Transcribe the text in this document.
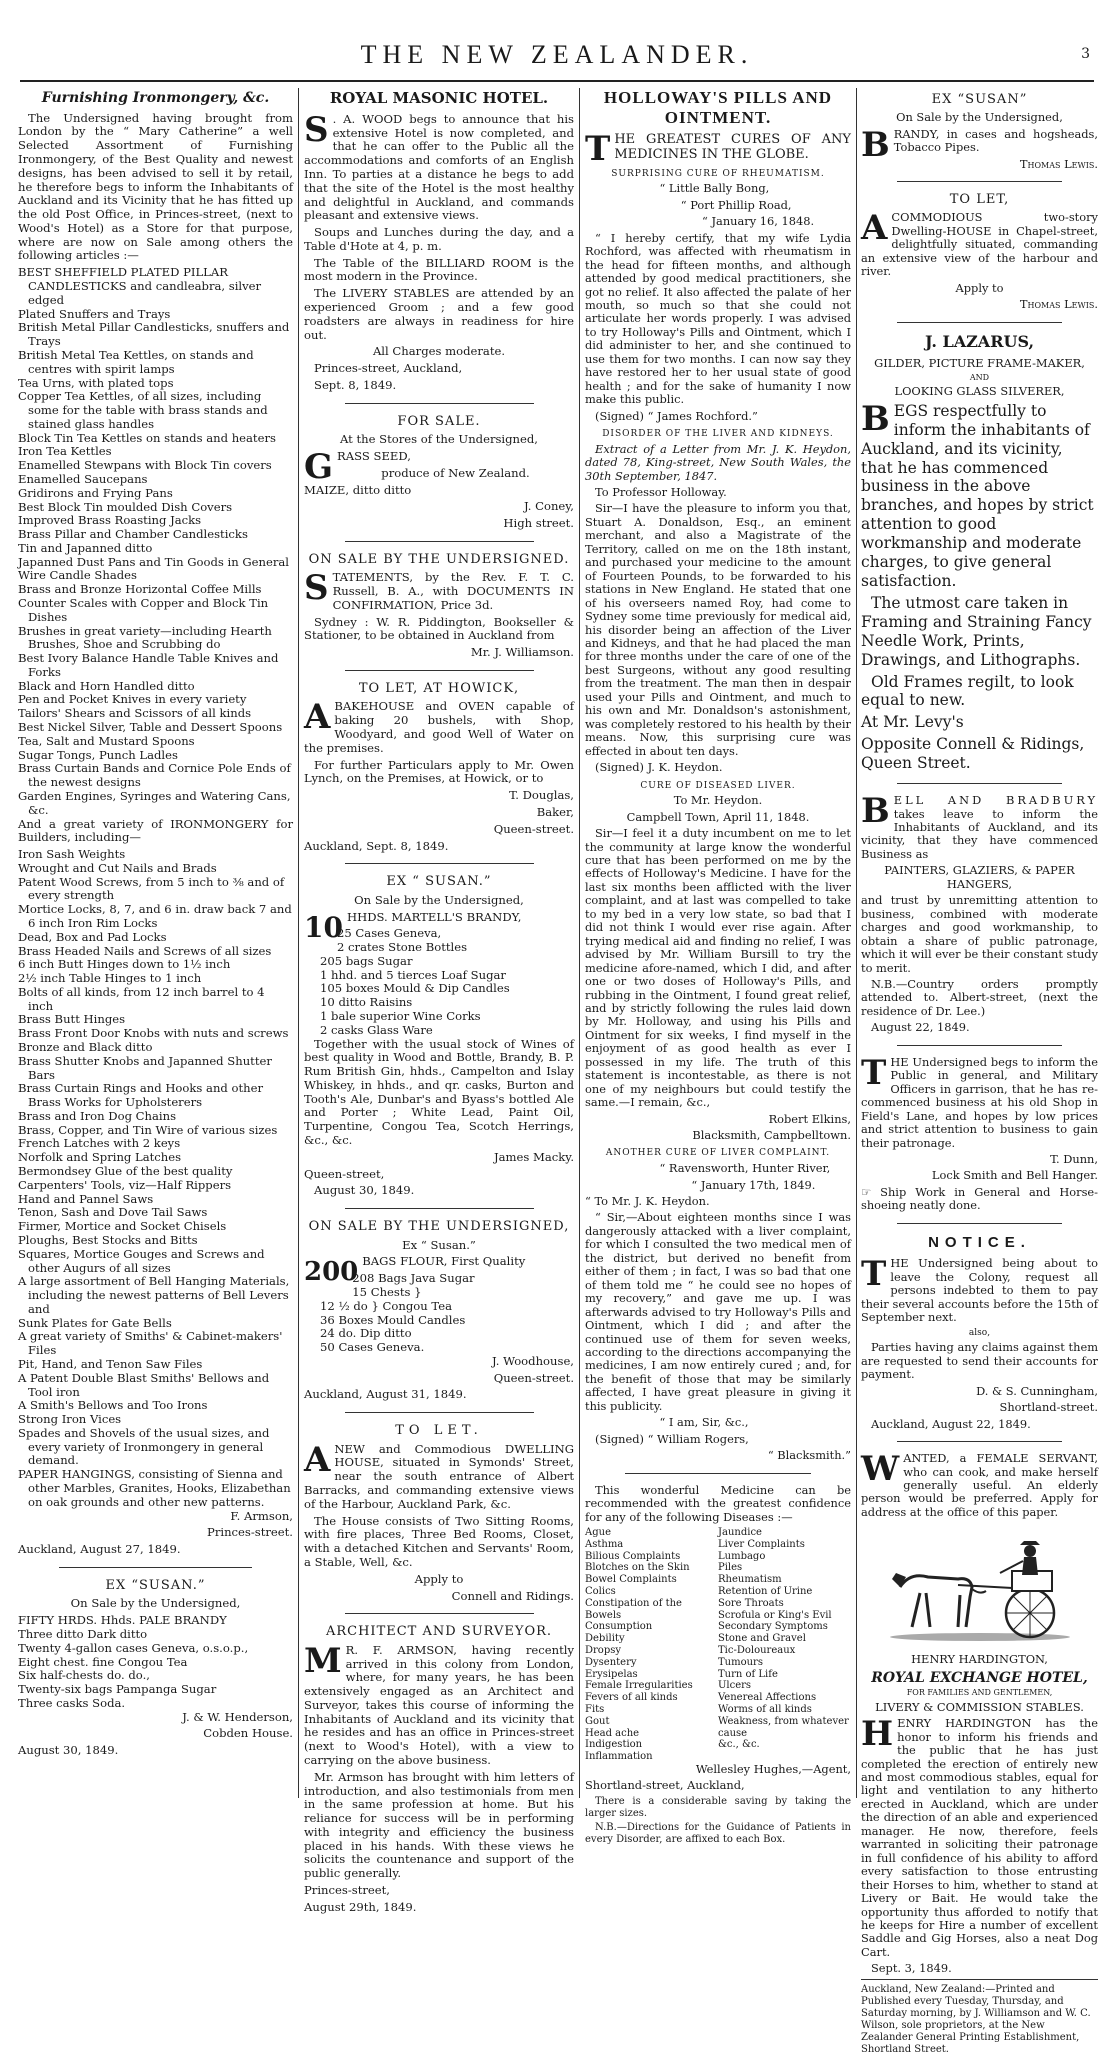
THE NEW ZEALANDER.	3
Furnishing Ironmongery, &c.

The Undersigned having brought from London by the “ Mary Catherine” a well Selected Assortment of Furnishing Ironmongery, of the Best Quality and newest designs, has been advised to sell it by retail, he therefore begs to inform the Inhabitants of Auckland and its Vicinity that he has fitted up the old Post Office, in Princes-street, (next to Wood's Hotel) as a Store for that purpose, where are now on Sale among others the following articles :—

BEST SHEFFIELD PLATED PILLAR CANDLESTICKS and candleabra, silver edged
Plated Snuffers and Trays
British Metal Pillar Candlesticks, snuffers and Trays
British Metal Tea Kettles, on stands and centres with spirit lamps
Tea Urns, with plated tops
Copper Tea Kettles, of all sizes, including some for the table with brass stands and stained glass handles
Block Tin Tea Kettles on stands and heaters
Iron Tea Kettles
Enamelled Stewpans with Block Tin covers
Enamelled Saucepans
Gridirons and Frying Pans
Best Block Tin moulded Dish Covers
Improved Brass Roasting Jacks
Brass Pillar and Chamber Candlesticks
Tin and Japanned ditto
Japanned Dust Pans and Tin Goods in General
Wire Candle Shades
Brass and Bronze Horizontal Coffee Mills
Counter Scales with Copper and Block Tin Dishes
Brushes in great variety—including Hearth Brushes, Shoe and Scrubbing do
Best Ivory Balance Handle Table Knives and Forks
Black and Horn Handled ditto
Pen and Pocket Knives in every variety
Tailors' Shears and Scissors of all kinds
Best Nickel Silver, Table and Dessert Spoons
Tea, Salt and Mustard Spoons
Sugar Tongs, Punch Ladles
Brass Curtain Bands and Cornice Pole Ends of the newest designs
Garden Engines, Syringes and Watering Cans, &c.

And a great variety of IRONMONGERY for Builders, including—

Iron Sash Weights
Wrought and Cut Nails and Brads
Patent Wood Screws, from 5 inch to ⅜ and of every strength
Mortice Locks, 8, 7, and 6 in. draw back 7 and 6 inch Iron Rim Locks
Dead, Box and Pad Locks
Brass Headed Nails and Screws of all sizes
6 inch Butt Hinges down to 1½ inch
2½ inch Table Hinges to 1 inch
Bolts of all kinds, from 12 inch barrel to 4 inch
Brass Butt Hinges
Brass Front Door Knobs with nuts and screws
Bronze and Black ditto
Brass Shutter Knobs and Japanned Shutter Bars
Brass Curtain Rings and Hooks and other Brass Works for Upholsterers
Brass and Iron Dog Chains
Brass, Copper, and Tin Wire of various sizes
French Latches with 2 keys
Norfolk and Spring Latches
Bermondsey Glue of the best quality
Carpenters' Tools, viz—Half Rippers
Hand and Pannel Saws
Tenon, Sash and Dove Tail Saws
Firmer, Mortice and Socket Chisels
Ploughs, Best Stocks and Bitts
Squares, Mortice Gouges and Screws and other Augurs of all sizes
A large assortment of Bell Hanging Materials, including the newest patterns of Bell Levers and
Sunk Plates for Gate Bells
A great variety of Smiths' & Cabinet-makers' Files
Pit, Hand, and Tenon Saw Files
A Patent Double Blast Smiths' Bellows and Tool iron
A Smith's Bellows and Too Irons
Strong Iron Vices
Spades and Shovels of the usual sizes, and every variety of Ironmongery in general demand.
PAPER HANGINGS, consisting of Sienna and other Marbles, Granites, Hooks, Elizabethan on oak grounds and other new patterns.

F. Armson,

Princes-street.

Auckland, August 27, 1849.

EX “SUSAN.”

On Sale by the Undersigned,

FIFTY HRDS. Hhds. PALE BRANDY
Three ditto Dark ditto
Twenty 4-gallon cases Geneva, o.s.o.p.,
Eight chest. fine Congou Tea
Six half-chests do. do.,
Twenty-six bags Pampanga Sugar
Three casks Soda.

J. & W. Henderson,

Cobden House.

August 30, 1849.

ROYAL MASONIC HOTEL.

S . A. WOOD begs to announce that his extensive Hotel is now completed, and that he can offer to the Public all the accommodations and comforts of an English Inn. To parties at a distance he begs to add that the site of the Hotel is the most healthy and delightful in Auckland, and commands pleasant and extensive views.

Soups and Lunches during the day, and a Table d'Hote at 4, p. m.

The Table of the BILLIARD ROOM is the most modern in the Province.

The LIVERY STABLES are attended by an experienced Groom ; and a few good roadsters are always in readiness for hire out.

All Charges moderate.

Princes-street, Auckland,

Sept. 8, 1849.

FOR SALE.

At the Stores of the Undersigned,

GRASS SEED,

produce of New Zealand.

MAIZE, ditto ditto

J. Coney,

High street.

ON SALE BY THE UNDERSIGNED.

STATEMENTS, by the Rev. F. T. C. Russell, B. A., with DOCUMENTS IN CONFIRMATION, Price 3d.

Sydney : W. R. Piddington, Bookseller & Stationer, to be obtained in Auckland from

Mr. J. Williamson.

TO LET, AT HOWICK,

A BAKEHOUSE and OVEN capable of baking 20 bushels, with Shop, Woodyard, and good Well of Water on the premises.

For further Particulars apply to Mr. Owen Lynch, on the Premises, at Howick, or to

T. Douglas,

Baker,

Queen-street.

Auckland, Sept. 8, 1849.

EX “ SUSAN.”

On Sale by the Undersigned,

10 HHDS. MARTELL'S BRANDY,

25 Cases Geneva,
2 crates Stone Bottles
205 bags Sugar
1 hhd. and 5 tierces Loaf Sugar
105 boxes Mould & Dip Candles
10 ditto Raisins
1 bale superior Wine Corks
2 casks Glass Ware

Together with the usual stock of Wines of best quality in Wood and Bottle, Brandy, B. P. Rum British Gin, hhds., Campelton and Islay Whiskey, in hhds., and qr. casks, Burton and Tooth's Ale, Dunbar's and Byass's bottled Ale and Porter ; White Lead, Paint Oil, Turpentine, Congou Tea, Scotch Herrings, &c., &c.

James Macky.

Queen-street,

August 30, 1849.

ON SALE BY THE UNDERSIGNED,

Ex “ Susan.”

200 BAGS FLOUR, First Quality

208 Bags Java Sugar
15 Chests }
12 ½ do } Congou Tea
36 Boxes Mould Candles
24 do. Dip ditto
50 Cases Geneva.

J. Woodhouse,

Queen-street.

Auckland, August 31, 1849.

TO LET.

A NEW and Commodious DWELLING HOUSE, situated in Symonds' Street, near the south entrance of Albert Barracks, and commanding extensive views of the Harbour, Auckland Park, &c.

The House consists of Two Sitting Rooms, with fire places, Three Bed Rooms, Closet, with a detached Kitchen and Servants' Room, a Stable, Well, &c.

Apply to

Connell and Ridings.

ARCHITECT AND SURVEYOR.

M R. F. ARMSON, having recently arrived in this colony from London, where, for many years, he has been extensively engaged as an Architect and Surveyor, takes this course of informing the Inhabitants of Auckland and its vicinity that he resides and has an office in Princes-street (next to Wood's Hotel), with a view to carrying on the above business.

Mr. Armson has brought with him letters of introduction, and also testimonials from men in the same profession at home. But his reliance for success will be in performing with integrity and efficiency the business placed in his hands. With these views he solicits the countenance and support of the public generally.

Princes-street,

August 29th, 1849.

HOLLOWAY'S PILLS AND OINTMENT.

THE GREATEST CURES OF ANY MEDICINES IN THE GLOBE.

SURPRISING CURE OF RHEUMATISM.

“ Little Bally Bong,

“ Port Phillip Road,

“ January 16, 1848.

“ I hereby certify, that my wife Lydia Rochford, was affected with rheumatism in the head for fifteen months, and although attended by good medical practitioners, she got no relief. It also affected the palate of her mouth, so much so that she could not articulate her words properly. I was advised to try Holloway's Pills and Ointment, which I did administer to her, and she continued to use them for two months. I can now say they have restored her to her usual state of good health ; and for the sake of humanity I now make this public.

(Signed) “ James Rochford.”

DISORDER OF THE LIVER AND KIDNEYS.

Extract of a Letter from Mr. J. K. Heydon, dated 78, King-street, New South Wales, the 30th September, 1847.

To Professor Holloway.

Sir—I have the pleasure to inform you that, Stuart A. Donaldson, Esq., an eminent merchant, and also a Magistrate of the Territory, called on me on the 18th instant, and purchased your medicine to the amount of Fourteen Pounds, to be forwarded to his stations in New England. He stated that one of his overseers named Roy, had come to Sydney some time previously for medical aid, his disorder being an affection of the Liver and Kidneys, and that he had placed the man for three months under the care of one of the best Surgeons, without any good resulting from the treatment. The man then in despair used your Pills and Ointment, and much to his own and Mr. Donaldson's astonishment, was completely restored to his health by their means. Now, this surprising cure was effected in about ten days.

(Signed) J. K. Heydon.

CURE OF DISEASED LIVER.

To Mr. Heydon.

Campbell Town, April 11, 1848.

Sir—I feel it a duty incumbent on me to let the community at large know the wonderful cure that has been performed on me by the effects of Holloway's Medicine. I have for the last six months been afflicted with the liver complaint, and at last was compelled to take to my bed in a very low state, so bad that I did not think I would ever rise again. After trying medical aid and finding no relief, I was advised by Mr. William Bursill to try the medicine afore-named, which I did, and after one or two doses of Holloway's Pills, and rubbing in the Ointment, I found great relief, and by strictly following the rules laid down by Mr. Holloway, and using his Pills and Ointment for six weeks, I find myself in the enjoyment of as good health as ever I possessed in my life. The truth of this statement is incontestable, as there is not one of my neighbours but could testify the same.—I remain, &c.,

Robert Elkins,

Blacksmith, Campbelltown.

ANOTHER CURE OF LIVER COMPLAINT.

“ Ravensworth, Hunter River,

“ January 17th, 1849.

“ To Mr. J. K. Heydon.

“ Sir,—About eighteen months since I was dangerously attacked with a liver complaint, for which I consulted the two medical men of the district, but derived no benefit from either of them ; in fact, I was so bad that one of them told me “ he could see no hopes of my recovery,” and gave me up. I was afterwards advised to try Holloway's Pills and Ointment, which I did ; and after the continued use of them for seven weeks, according to the directions accompanying the medicines, I am now entirely cured ; and, for the benefit of those that may be similarly affected, I have great pleasure in giving it this publicity.

“ I am, Sir, &c.,

(Signed) “ William Rogers,

“ Blacksmith.”

This wonderful Medicine can be recommended with the greatest confidence for any of the following Diseases :—

Ague
Asthma
Bilious Complaints
Blotches on the Skin
Bowel Complaints
Colics
Constipation of the Bowels
Consumption
Debility
Dropsy
Dysentery
Erysipelas
Female Irregularities
Fevers of all kinds
Fits
Gout
Head ache
Indigestion
Inflammation
Jaundice
Liver Complaints
Lumbago
Piles
Rheumatism
Retention of Urine
Sore Throats
Scrofula or King's Evil
Secondary Symptoms
Stone and Gravel
Tic-Doloureaux
Tumours
Turn of Life
Ulcers
Venereal Affections
Worms of all kinds
Weakness, from whatever cause
&c., &c.

Wellesley Hughes,—Agent,

Shortland-street, Auckland,

There is a considerable saving by taking the larger sizes.

N.B.—Directions for the Guidance of Patients in every Disorder, are affixed to each Box.

EX “SUSAN”

On Sale by the Undersigned,

BRANDY, in cases and hogsheads, Tobacco Pipes.

Thomas Lewis.

TO LET,

A COMMODIOUS two-story Dwelling-HOUSE in Chapel-street, delightfully situated, commanding an extensive view of the harbour and river.

Apply to

Thomas Lewis.

J. LAZARUS,

GILDER, PICTURE FRAME-MAKER,

AND

LOOKING GLASS SILVERER,

BEGS respectfully to inform the inhabitants of Auckland, and its vicinity, that he has commenced business in the above branches, and hopes by strict attention to good workmanship and moderate charges, to give general satisfaction.

The utmost care taken in Framing and Straining Fancy Needle Work, Prints, Drawings, and Lithographs.

Old Frames regilt, to look equal to new.

At Mr. Levy's

Opposite Connell & Ridings, Queen Street.

BELL AND BRADBURY takes leave to inform the Inhabitants of Auckland, and its vicinity, that they have commenced Business as

PAINTERS, GLAZIERS, & PAPER HANGERS,

and trust by unremitting attention to business, combined with moderate charges and good workmanship, to obtain a share of public patronage, which it will ever be their constant study to merit.

N.B.—Country orders promptly attended to. Albert-street, (next the residence of Dr. Lee.)

August 22, 1849.

THE Undersigned begs to inform the Public in general, and Military Officers in garrison, that he has re-commenced business at his old Shop in Field's Lane, and hopes by low prices and strict attention to business to gain their patronage.

T. Dunn,

Lock Smith and Bell Hanger.

☞ Ship Work in General and Horse-shoeing neatly done.

NOTICE.

THE Undersigned being about to leave the Colony, request all persons indebted to them to pay their several accounts before the 15th of September next.

also,

Parties having any claims against them are requested to send their accounts for payment.

D. & S. Cunningham,

Shortland-street.

Auckland, August 22, 1849.

WANTED, a FEMALE SERVANT, who can cook, and make herself generally useful. An elderly person would be preferred. Apply for address at the office of this paper.

HENRY HARDINGTON,

ROYAL EXCHANGE HOTEL,

FOR FAMILIES AND GENTLEMEN,

LIVERY & COMMISSION STABLES.

HENRY HARDINGTON has the honor to inform his friends and the public that he has just completed the erection of entirely new and most commodious stables, equal for light and ventilation to any hitherto erected in Auckland, which are under the direction of an able and experienced manager. He now, therefore, feels warranted in soliciting their patronage in full confidence of his ability to afford every satisfaction to those entrusting their Horses to him, whether to stand at Livery or Bait. He would take the opportunity thus afforded to notify that he keeps for Hire a number of excellent Saddle and Gig Horses, also a neat Dog Cart.

Sept. 3, 1849.

Auckland, New Zealand:—Printed and Published every Tuesday, Thursday, and Saturday morning, by J. Williamson and W. C. Wilson, sole proprietors, at the New Zealander General Printing Establishment, Shortland Street.
